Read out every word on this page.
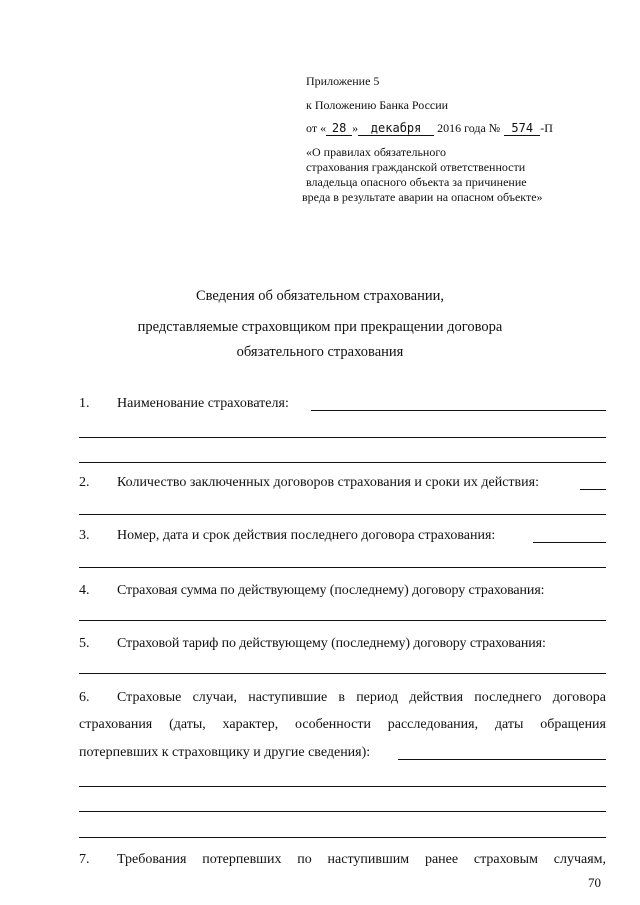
Приложение 5
к Положению Банка России
от « 28 » декабря 2016 года № 574 -П
«О правилах обязательного
страхования гражданской ответственности
владельца опасного объекта за причинение
вреда в результате аварии на опасном объекте»
Сведения об обязательном страховании,
представляемые страховщиком при прекращении договора
обязательного страхования
1. Наименование страхователя:
2. Количество заключенных договоров страхования и сроки их действия:
3. Номер, дата и срок действия последнего договора страхования:
4. Страховая сумма по действующему (последнему) договору страхования:
5. Страховой тариф по действующему (последнему) договору страхования:
6. Страховые случаи, наступившие в период действия последнего договора
страхования (даты, характер, особенности расследования, даты обращения
потерпевших к страховщику и другие сведения):
7. Требования потерпевших по наступившим ранее страховым случаям,
70
